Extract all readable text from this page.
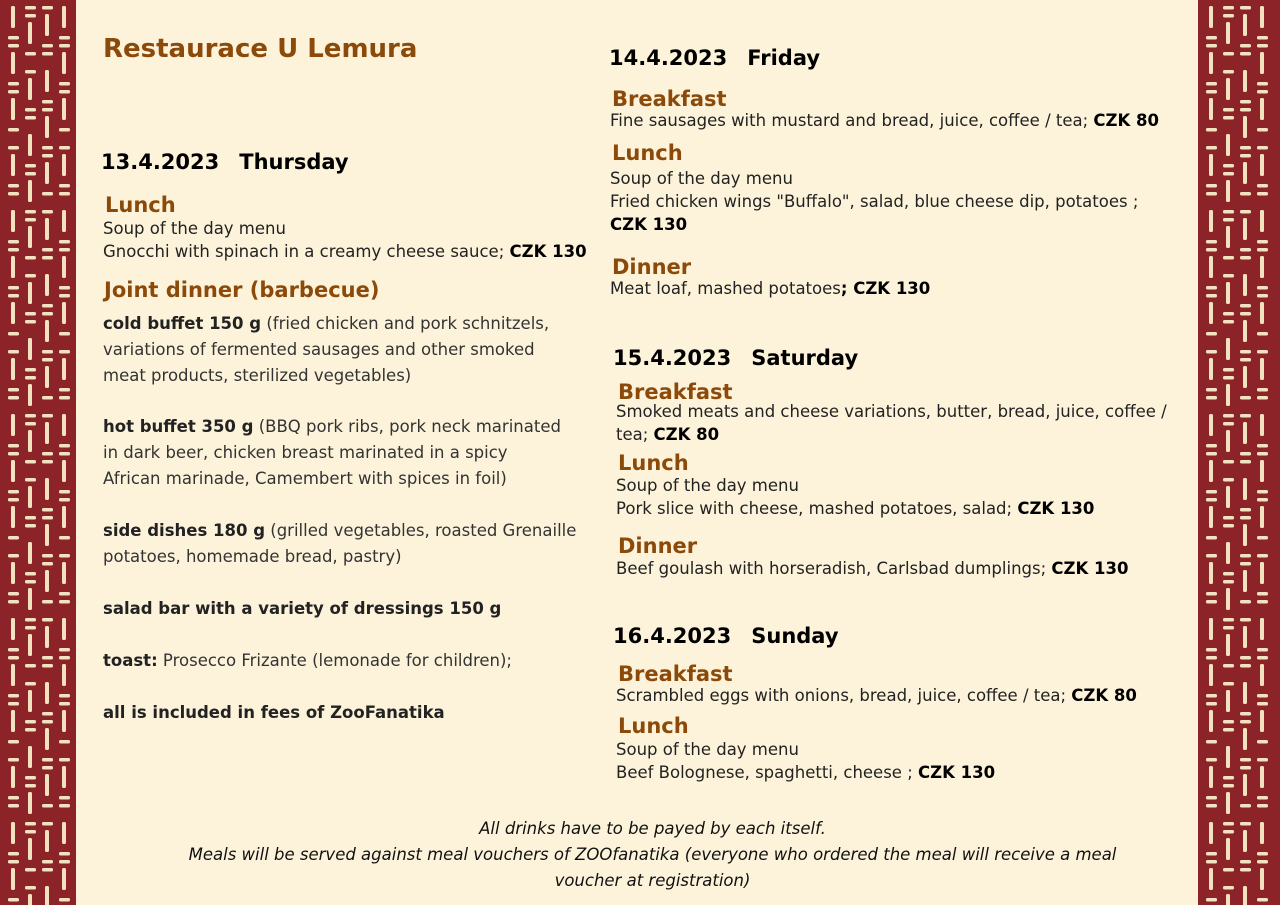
Restaurace U Lemura
13.4.2023 Thursday
Lunch
Soup of the day menu
Gnocchi with spinach in a creamy cheese sauce; CZK 130
Joint dinner (barbecue)
cold buffet 150 g (fried chicken and pork schnitzels,
variations of fermented sausages and other smoked
meat products, sterilized vegetables)
hot buffet 350 g (BBQ pork ribs, pork neck marinated
in dark beer, chicken breast marinated in a spicy
African marinade, Camembert with spices in foil)
side dishes 180 g (grilled vegetables, roasted Grenaille
potatoes, homemade bread, pastry)
salad bar with a variety of dressings 150 g
toast: Prosecco Frizante (lemonade for children);
all is included in fees of ZooFanatika
14.4.2023 Friday
Breakfast
Fine sausages with mustard and bread, juice, coffee / tea; CZK 80
Lunch
Soup of the day menu
Fried chicken wings "Buffalo", salad, blue cheese dip, potatoes ;
CZK 130
Dinner
Meat loaf, mashed potatoes; CZK 130
15.4.2023 Saturday
Breakfast
Smoked meats and cheese variations, butter, bread, juice, coffee /
tea; CZK 80
Lunch
Soup of the day menu
Pork slice with cheese, mashed potatoes, salad; CZK 130
Dinner
Beef goulash with horseradish, Carlsbad dumplings; CZK 130
16.4.2023 Sunday
Breakfast
Scrambled eggs with onions, bread, juice, coffee / tea; CZK 80
Lunch
Soup of the day menu
Beef Bolognese, spaghetti, cheese ; CZK 130
All drinks have to be payed by each itself.
Meals will be served against meal vouchers of ZOOfanatika (everyone who ordered the meal will receive a meal
voucher at registration)
